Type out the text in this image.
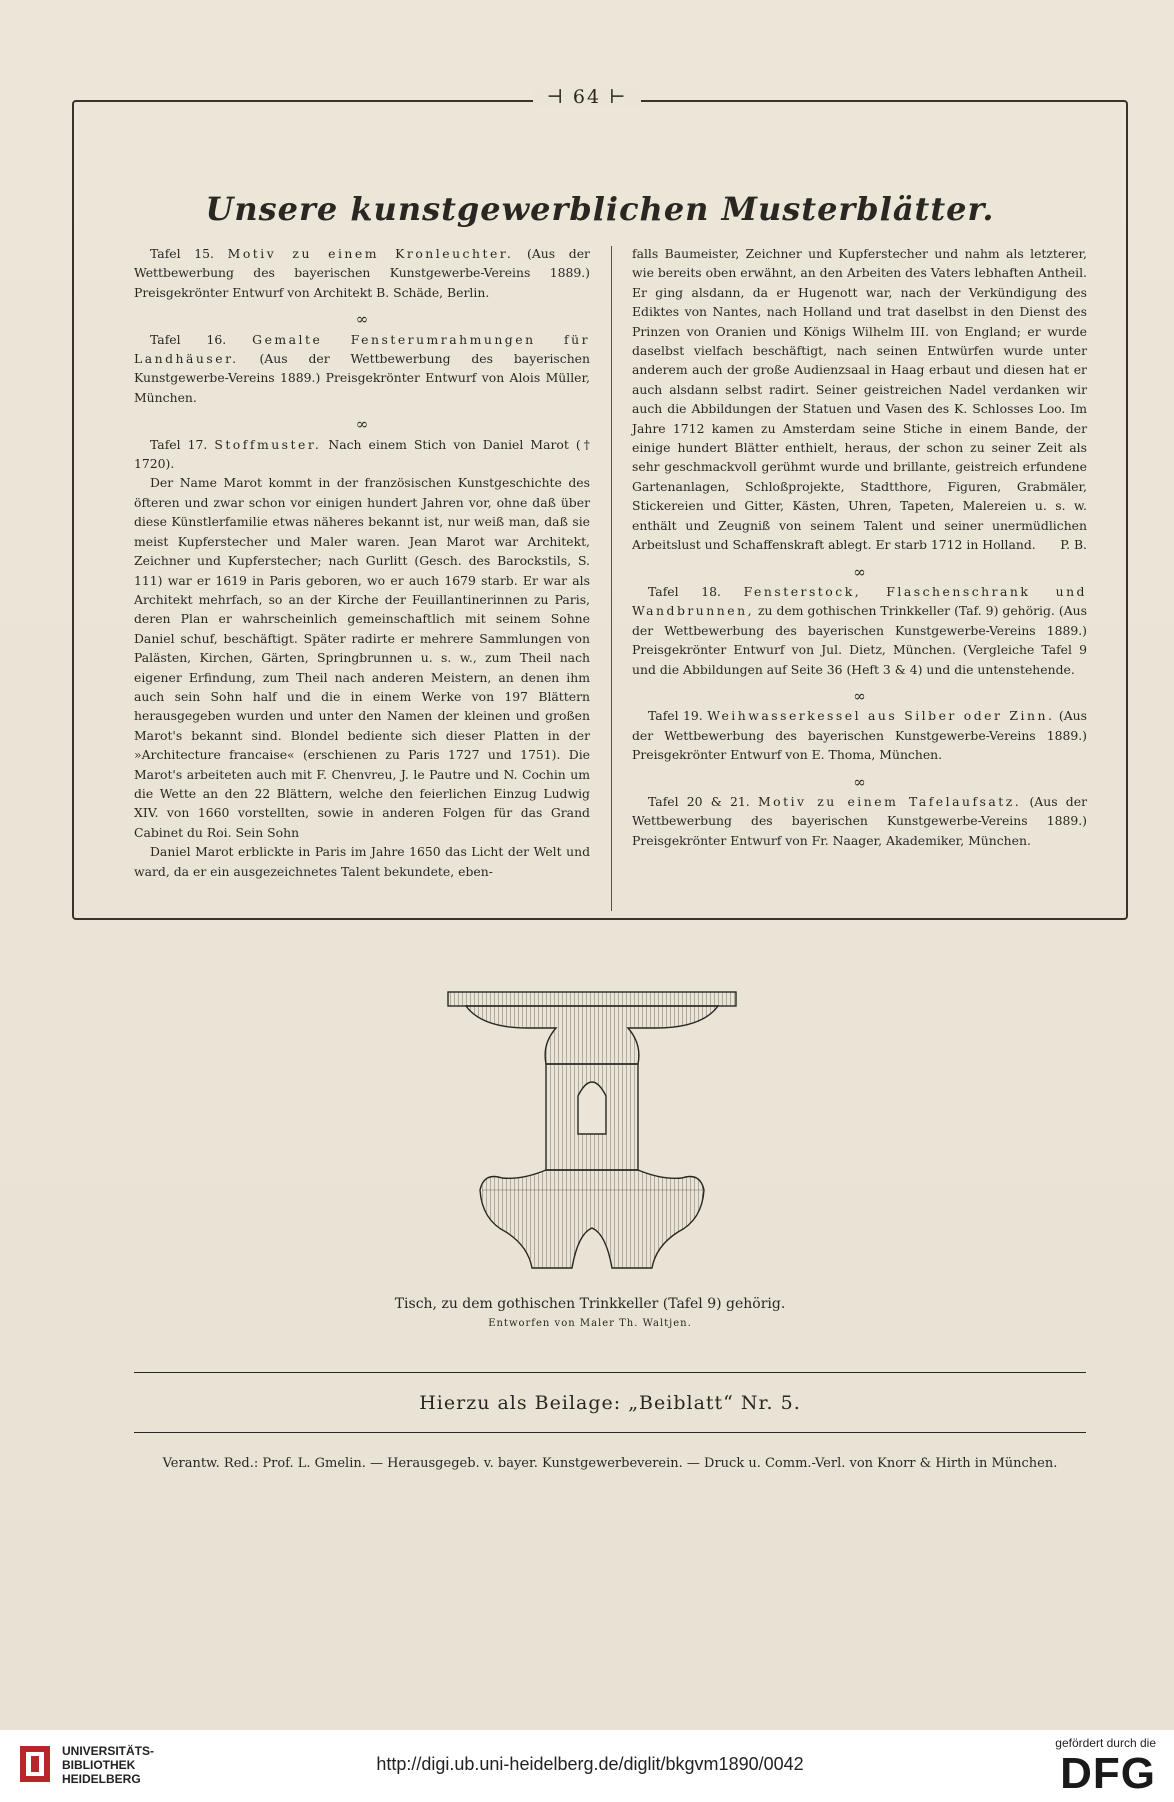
⊣ 64 ⊢
Unsere kunstgewerblichen Musterblätter.

Tafel 15. Motiv zu einem Kronleuchter. (Aus der Wettbewerbung des bayerischen Kunstgewerbe-Vereins 1889.) Preisgekrönter Entwurf von Architekt B. Schäde, Berlin.

∞

Tafel 16. Gemalte Fensterumrahmungen für Landhäuser. (Aus der Wettbewerbung des bayerischen Kunstgewerbe-Vereins 1889.) Preisgekrönter Entwurf von Alois Müller, München.

∞

Tafel 17. Stoffmuster. Nach einem Stich von Daniel Marot († 1720).

Der Name Marot kommt in der französischen Kunstgeschichte des öfteren und zwar schon vor einigen hundert Jahren vor, ohne daß über diese Künstlerfamilie etwas näheres bekannt ist, nur weiß man, daß sie meist Kupferstecher und Maler waren. Jean Marot war Architekt, Zeichner und Kupferstecher; nach Gurlitt (Gesch. des Barockstils, S. 111) war er 1619 in Paris geboren, wo er auch 1679 starb. Er war als Architekt mehrfach, so an der Kirche der Feuillantinerinnen zu Paris, deren Plan er wahrscheinlich gemeinschaftlich mit seinem Sohne Daniel schuf, beschäftigt. Später radirte er mehrere Sammlungen von Palästen, Kirchen, Gärten, Springbrunnen u. s. w., zum Theil nach eigener Erfindung, zum Theil nach anderen Meistern, an denen ihm auch sein Sohn half und die in einem Werke von 197 Blättern herausgegeben wurden und unter den Namen der kleinen und großen Marot's bekannt sind. Blondel bediente sich dieser Platten in der »Architecture francaise« (erschienen zu Paris 1727 und 1751). Die Marot's arbeiteten auch mit F. Chenvreu, J. le Pautre und N. Cochin um die Wette an den 22 Blättern, welche den feierlichen Einzug Ludwig XIV. von 1660 vorstellten, sowie in anderen Folgen für das Grand Cabinet du Roi. Sein Sohn

Daniel Marot erblickte in Paris im Jahre 1650 das Licht der Welt und ward, da er ein ausgezeichnetes Talent bekundete, eben-

falls Baumeister, Zeichner und Kupferstecher und nahm als letzterer, wie bereits oben erwähnt, an den Arbeiten des Vaters lebhaften Antheil. Er ging alsdann, da er Hugenott war, nach der Verkündigung des Ediktes von Nantes, nach Holland und trat daselbst in den Dienst des Prinzen von Oranien und Königs Wilhelm III. von England; er wurde daselbst vielfach beschäftigt, nach seinen Entwürfen wurde unter anderem auch der große Audienzsaal in Haag erbaut und diesen hat er auch alsdann selbst radirt. Seiner geistreichen Nadel verdanken wir auch die Abbildungen der Statuen und Vasen des K. Schlosses Loo. Im Jahre 1712 kamen zu Amsterdam seine Stiche in einem Bande, der einige hundert Blätter enthielt, heraus, der schon zu seiner Zeit als sehr geschmackvoll gerühmt wurde und brillante, geistreich erfundene Gartenanlagen, Schloßprojekte, Stadtthore, Figuren, Grabmäler, Stickereien und Gitter, Kästen, Uhren, Tapeten, Malereien u. s. w. enthält und Zeugniß von seinem Talent und seiner unermüdlichen Arbeitslust und Schaffenskraft ablegt. Er starb 1712 in Holland. P. B.

∞

Tafel 18. Fensterstock, Flaschenschrank und Wandbrunnen, zu dem gothischen Trinkkeller (Taf. 9) gehörig. (Aus der Wettbewerbung des bayerischen Kunstgewerbe-Vereins 1889.) Preisgekrönter Entwurf von Jul. Dietz, München. (Vergleiche Tafel 9 und die Abbildungen auf Seite 36 (Heft 3 & 4) und die untenstehende.

∞

Tafel 19. Weihwasserkessel aus Silber oder Zinn. (Aus der Wettbewerbung des bayerischen Kunstgewerbe-Vereins 1889.) Preisgekrönter Entwurf von E. Thoma, München.

∞

Tafel 20 & 21. Motiv zu einem Tafelaufsatz. (Aus der Wettbewerbung des bayerischen Kunstgewerbe-Vereins 1889.) Preisgekrönter Entwurf von Fr. Naager, Akademiker, München.

Tisch, zu dem gothischen Trinkkeller (Tafel 9) gehörig.
Entworfen von Maler Th. Waltjen.
Hierzu als Beilage: „Beiblatt“ Nr. 5.
Verantw. Red.: Prof. L. Gmelin. — Herausgegeb. v. bayer. Kunstgewerbeverein. — Druck u. Comm.-Verl. von Knorr & Hirth in München.
UNIVERSITÄTS-
BIBLIOTHEK
HEIDELBERG
http://digi.ub.uni-heidelberg.de/diglit/bkgvm1890/0042
gefördert durch die
DFG
